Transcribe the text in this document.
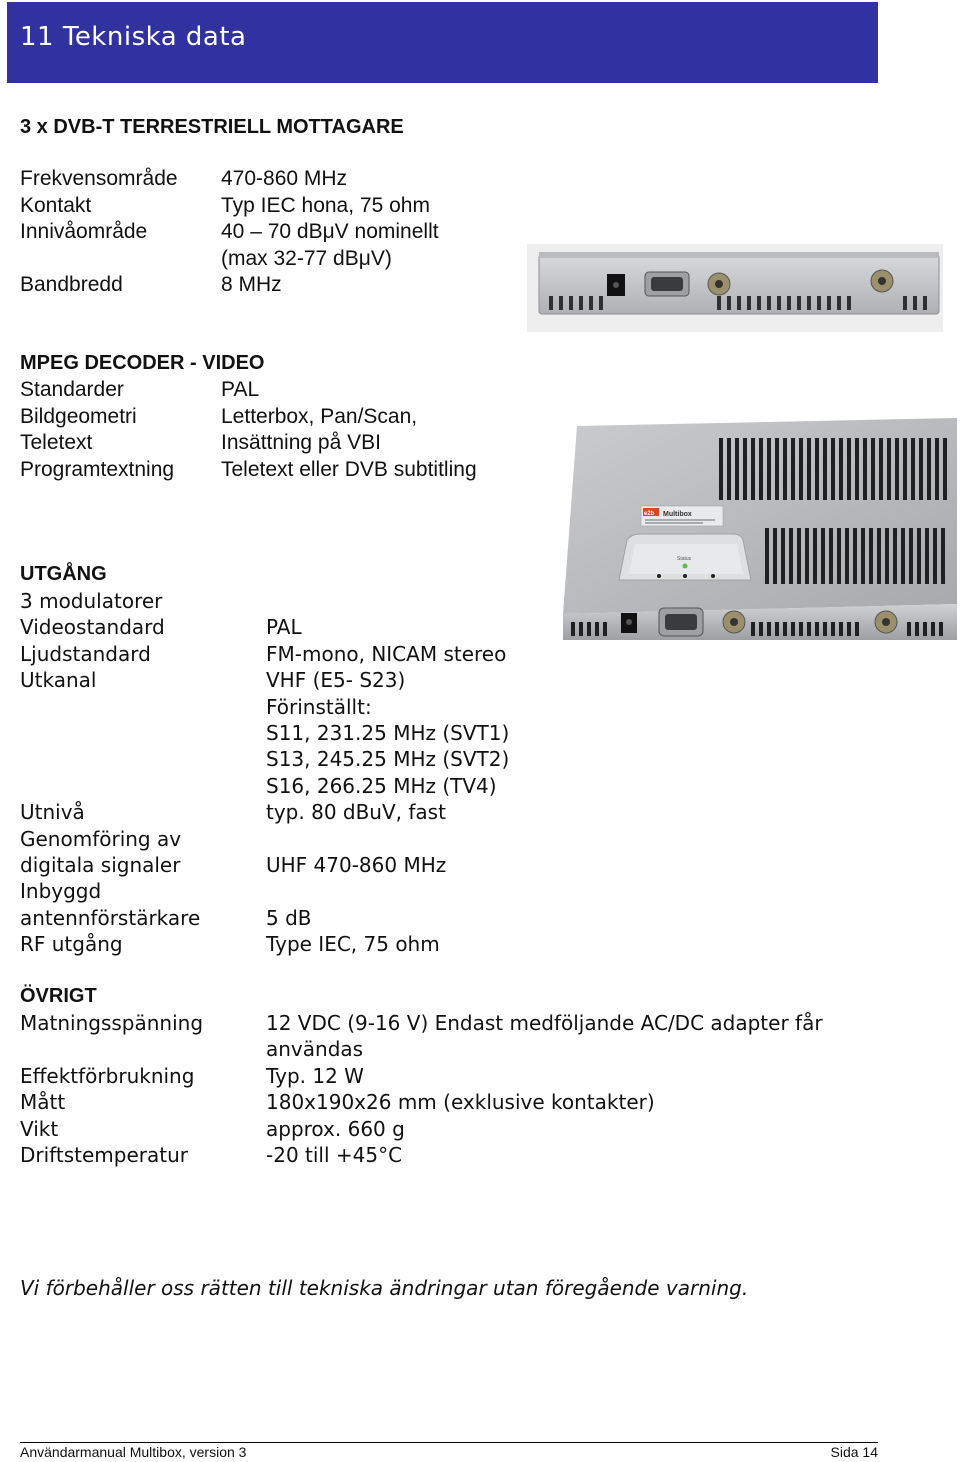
11 Tekniska data
3 x DVB-T TERRESTRIELL MOTTAGARE
Frekvensområde
Kontakt
Innivåområde

Bandbredd
470-860 MHz
Typ IEC hona, 75 ohm
40 – 70 dBμV nominellt
(max 32-77 dBμV)
8 MHz
MPEG DECODER - VIDEO
Standarder
Bildgeometri
Teletext
Programtextning
PAL
Letterbox, Pan/Scan,
Insättning på VBI
Teletext eller DVB subtitling
UTGÅNG
3 modulatorer
Videostandard
Ljudstandard
Utkanal

Utnivå
Genomföring av
digitala signaler
Inbyggd
antennförstärkare
RF utgång

PAL
FM-mono, NICAM stereo
VHF (E5- S23)
Förinställt:
S11, 231.25 MHz (SVT1)
S13, 245.25 MHz (SVT2)
S16, 266.25 MHz (TV4)
typ. 80 dBuV, fast

UHF 470-860 MHz

5 dB
Type IEC, 75 ohm
ÖVRIGT
Matningsspänning

Effektförbrukning
Mått
Vikt
Driftstemperatur
12 VDC (9-16 V) Endast medföljande AC/DC adapter får
användas
Typ. 12 W
180x190x26 mm (exklusive kontakter)
approx. 660 g
-20 till +45°C
e2b Multibox
Status
Vi förbehåller oss rätten till tekniska ändringar utan föregående varning.
Användarmanual Multibox, version 3	Sida 14
